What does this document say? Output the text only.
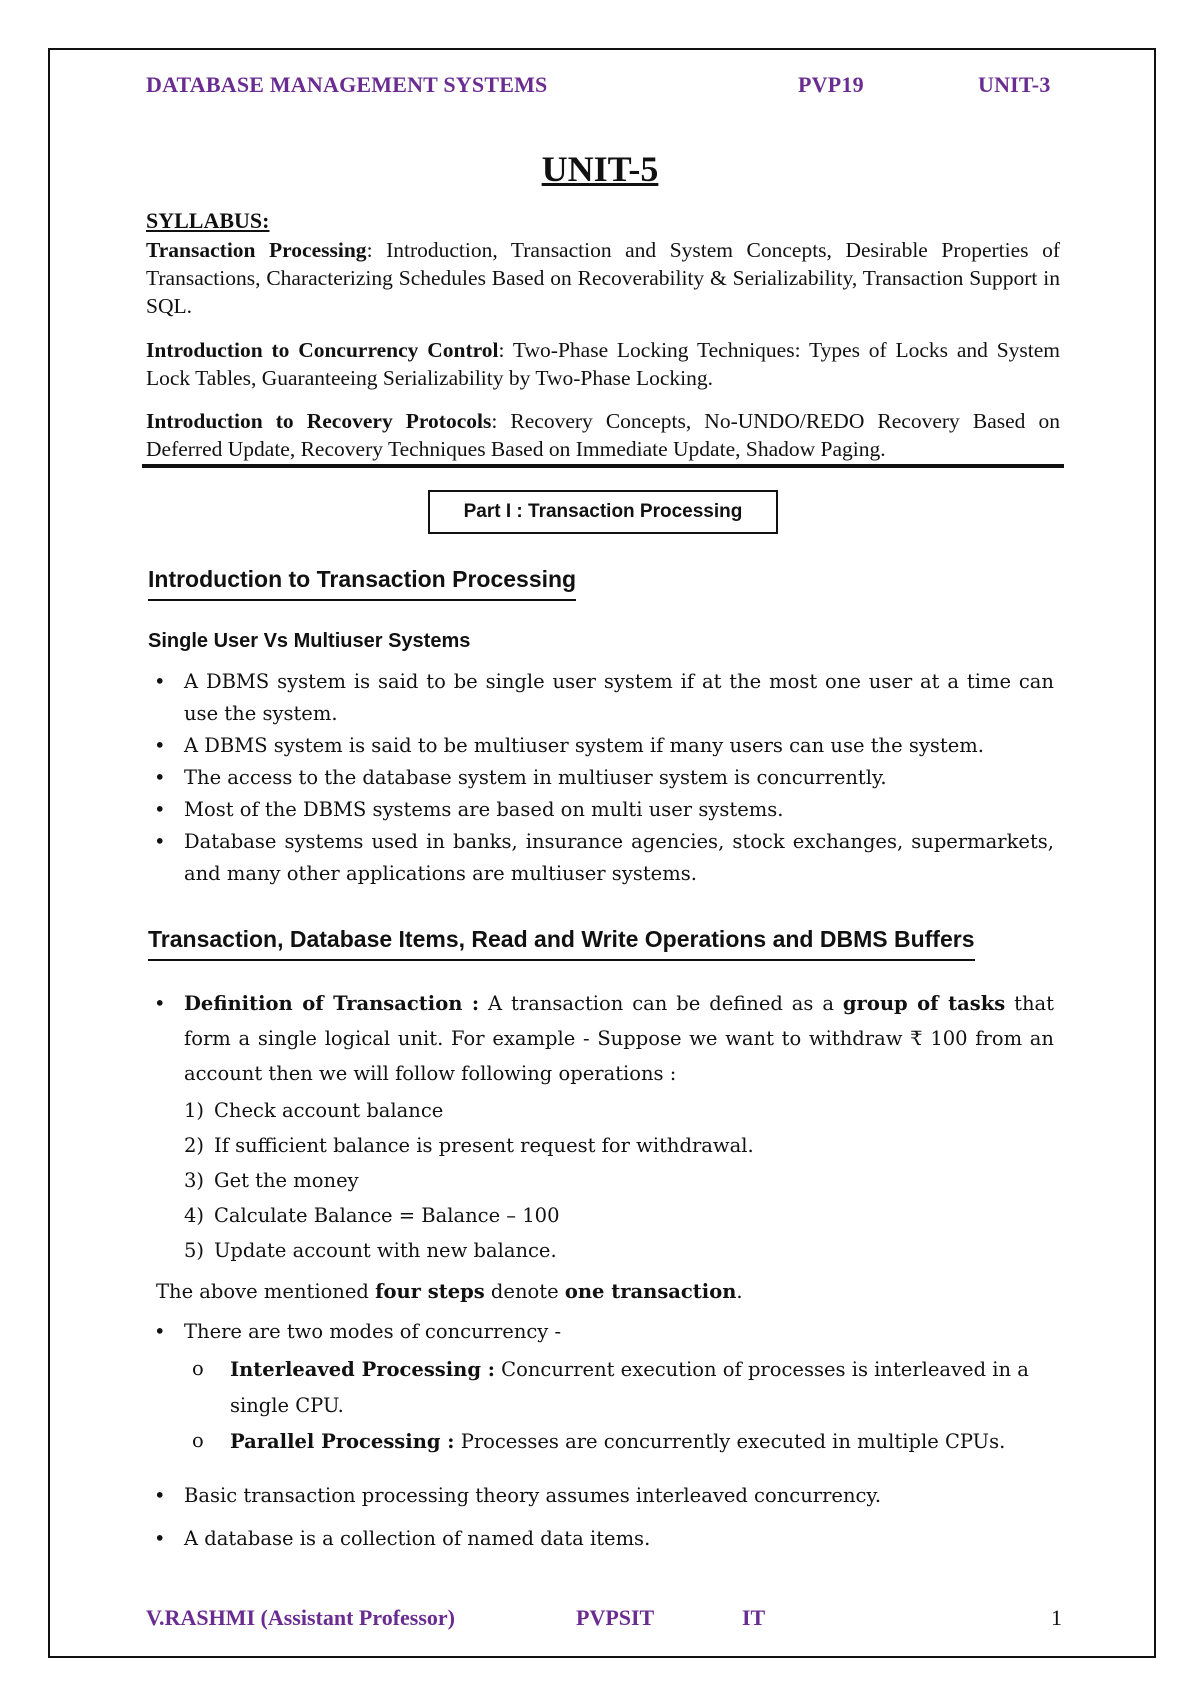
DATABASE MANAGEMENT SYSTEMS	PVP19	UNIT-3
UNIT-5
SYLLABUS:
Transaction Processing: Introduction, Transaction and System Concepts, Desirable Properties of Transactions, Characterizing Schedules Based on Recoverability & Serializability, Transaction Support in SQL.
Introduction to Concurrency Control: Two-Phase Locking Techniques: Types of Locks and System Lock Tables, Guaranteeing Serializability by Two-Phase Locking.
Introduction to Recovery Protocols: Recovery Concepts, No-UNDO/REDO Recovery Based on Deferred Update, Recovery Techniques Based on Immediate Update, Shadow Paging.
Part I : Transaction Processing
Introduction to Transaction Processing
Single User Vs Multiuser Systems
• A DBMS system is said to be single user system if at the most one user at a time can use the system.
• A DBMS system is said to be multiuser system if many users can use the system.
• The access to the database system in multiuser system is concurrently.
• Most of the DBMS systems are based on multi user systems.
• Database systems used in banks, insurance agencies, stock exchanges, supermarkets, and many other applications are multiuser systems.
Transaction, Database Items, Read and Write Operations and DBMS Buffers
• Definition of Transaction : A transaction can be defined as a group of tasks that form a single logical unit. For example - Suppose we want to withdraw ₹ 100 from an account then we will follow following operations :
1) Check account balance
2) If sufficient balance is present request for withdrawal.
3) Get the money
4) Calculate Balance = Balance – 100
5) Update account with new balance.
The above mentioned four steps denote one transaction.
• There are two modes of concurrency -
o Interleaved Processing : Concurrent execution of processes is interleaved in a single CPU.
o Parallel Processing : Processes are concurrently executed in multiple CPUs.
• Basic transaction processing theory assumes interleaved concurrency.
• A database is a collection of named data items.
V.RASHMI (Assistant Professor)	PVPSIT	IT	1
